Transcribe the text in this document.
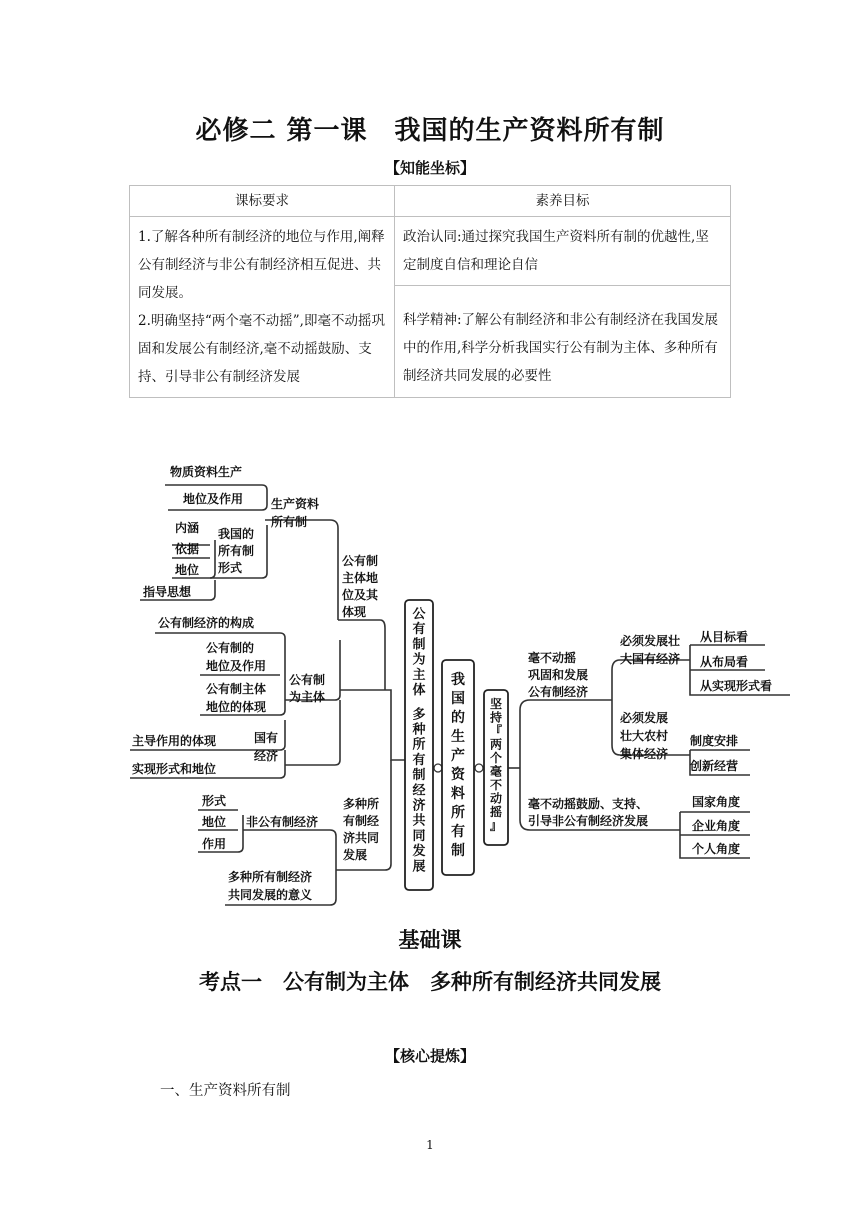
必修二 第一课　我国的生产资料所有制
【知能坐标】
课标要求	素养目标

1.了解各种所有制经济的地位与作用,阐释公有制经济与非公有制经济相互促进、共同发展。
2.明确坚持“两个毫不动摇”,即毫不动摇巩固和发展公有制经济,毫不动摇鼓励、支持、引导非公有制经济发展	政治认同:通过探究我国生产资料所有制的优越性,坚定制度自信和理论自信
	科学精神:了解公有制经济和非公有制经济在我国发展中的作用,科学分析我国实行公有制为主体、多种所有制经济共同发展的必要性
公
有
制
为
主
体
多
种
所
有
制
经
济
共
同
发
展
我
国
的
生
产
资
料
所
有
制
坚
持
『
两
个
毫
不
动
摇
』
物质资料生产
地位及作用 生产资料
所有制
内涵
依据
地位
我国的
所有制
形式
指导思想
公有制
主体地
位及其
体现
公有制经济的构成
公有制的
地位及作用
公有制主体
地位的体现
公有制
为主体
主导作用的体现
实现形式和地位
国有
经济
形式
地位
作用
非公有制经济
多种所
有制经
济共同
发展
多种所有制经济
共同发展的意义
毫不动摇
巩固和发展
公有制经济
必须发展壮
大国有经济
从目标看
从布局看
从实现形式看
必须发展
壮大农村
集体经济
制度安排
创新经营
毫不动摇鼓励、支持、
引导非公有制经济发展
国家角度
企业角度
个人角度
基础课
考点一　公有制为主体　多种所有制经济共同发展
【核心提炼】
一、生产资料所有制
1
